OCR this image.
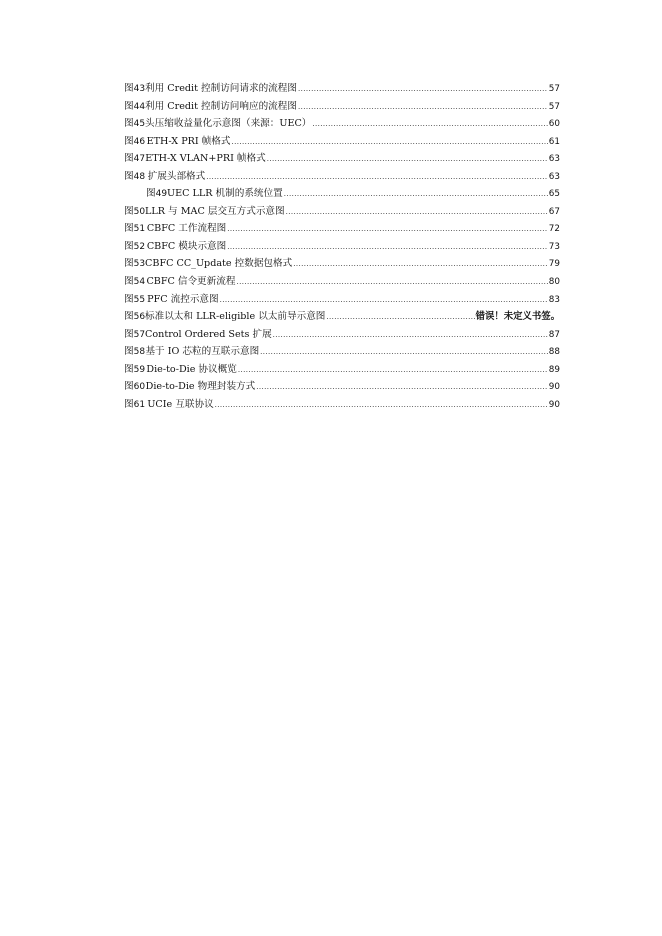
图 43 利用 Credit 控制访问请求的流程图 .....	57
图 44 利用 Credit 控制访问响应的流程图 .....	57
图 45 头压缩收益量化示意图（来源：UEC） .....	60
图 46 ETH-X PRI 帧格式 .....	61
图 47 ETH-X VLAN+PRI 帧格式 .....	63
图 48 扩展头部格式 .....	63
图 49 UEC LLR 机制的系统位置 .....	65
图 50 LLR 与 MAC 层交互方式示意图 .....	67
图 51 CBFC 工作流程图 .....	72
图 52 CBFC 模块示意图 .....	73
图 53 CBFC CC_Update 控数据包格式 .....	79
图 54 CBFC 信令更新流程 .....	80
图 55 PFC 流控示意图 .....	83
图 56 标准以太和 LLR-eligible 以太前导示意图 .....	错误！未定义书签。
图 57 Control Ordered Sets 扩展 .....	87
图 58 基于 IO 芯粒的互联示意图 .....	88
图 59 Die-to-Die 协议概览 .....	89
图 60 Die-to-Die 物理封装方式 .....	90
图 61 UCIe 互联协议 .....	90
